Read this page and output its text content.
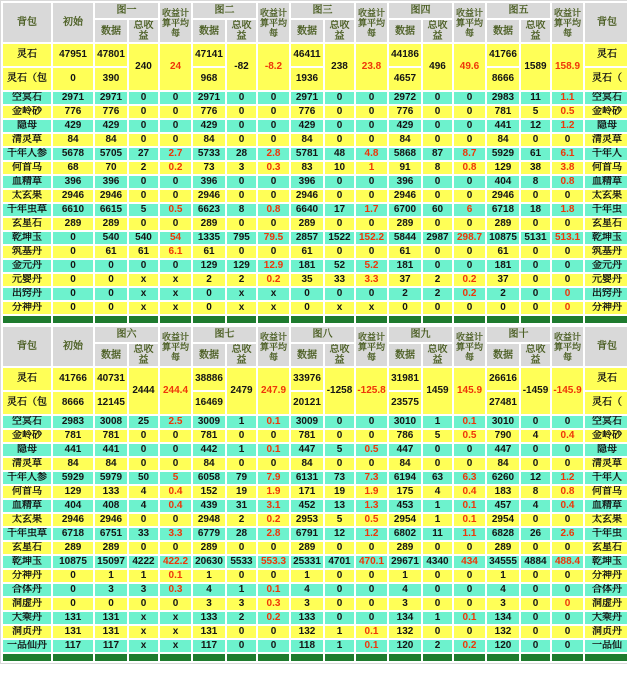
背包	初始	图一		收益计算平均每	图二		收益计算平均每	图三		收益计算平均每	图四		收益计算平均每	图五		收益计算平均每	背包
		数据	总收益		数据	总收益		数据	总收益		数据	总收益		数据	总收益		
灵石	47951	47801	240	24	47141	-82	-8.2	46411	238	23.8	44186	496	49.6	41766	1589	158.9	灵石
灵石（包	0	390			968			1936			4657			8666			灵石（
空冥石	2971	2971	0	0	2971	0	0	2971	0	0	2972	0	0	2983	11	1.1	空冥石
金岭砂	776	776	0	0	776	0	0	776	0	0	776	0	0	781	5	0.5	金岭砂
隐母	429	429	0	0	429	0	0	429	0	0	429	0	0	441	12	1.2	隐母
清灵草	84	84	0	0	84	0	0	84	0	0	84	0	0	84	0	0	清灵草
千年人参	5678	5705	27	2.7	5733	28	2.8	5781	48	4.8	5868	87	8.7	5929	61	6.1	千年人
何首乌	68	70	2	0.2	73	3	0.3	83	10	1	91	8	0.8	129	38	3.8	何首乌
血精草	396	396	0	0	396	0	0	396	0	0	396	0	0	404	8	0.8	血精草
太玄果	2946	2946	0	0	2946	0	0	2946	0	0	2946	0	0	2946	0	0	太玄果
千年虫草	6610	6615	5	0.5	6623	8	0.8	6640	17	1.7	6700	60	6	6718	18	1.8	千年虫
玄星石	289	289	0	0	289	0	0	289	0	0	289	0	0	289	0	0	玄星石
乾坤玉	0	540	540	54	1335	795	79.5	2857	1522	152.2	5844	2987	298.7	10875	5131	513.1	乾坤玉
筑基丹	0	61	61	6.1	61	0	0	61	0	0	61	0	0	61	0	0	筑基丹
金元丹	0	0	0	0	129	129	12.9	181	52	5.2	181	0	0	181	0	0	金元丹
元婴丹	0	0	x	x	2	2	0.2	35	33	3.3	37	2	0.2	37	0	0	元婴丹
出窍丹	0	0	x	x	0	x	x	0	0	0	2	2	0.2	2	0	0	出窍丹
分神丹	0	0	x	x	0	x	x	0	x	x	0	0	0	0	0	0	分神丹

背包	初始	图六		收益计算平均每	图七		收益计算平均每	图八		收益计算平均每	图九		收益计算平均每	图十		收益计算平均每	背包
		数据	总收益		数据	总收益		数据	总收益		数据	总收益		数据	总收益		
灵石	41766	40731	2444	244.4	38886	2479	247.9	33976	-1258	-125.8	31981	1459	145.9	26616	-1459	-145.9	灵石
灵石（包	8666	12145			16469			20121			23575			27481			灵石（
空冥石	2983	3008	25	2.5	3009	1	0.1	3009	0	0	3010	1	0.1	3010	0	0	空冥石
金岭砂	781	781	0	0	781	0	0	781	0	0	786	5	0.5	790	4	0.4	金岭砂
隐母	441	441	0	0	442	1	0.1	447	5	0.5	447	0	0	447	0	0	隐母
清灵草	84	84	0	0	84	0	0	84	0	0	84	0	0	84	0	0	清灵草
千年人参	5929	5979	50	5	6058	79	7.9	6131	73	7.3	6194	63	6.3	6260	12	1.2	千年人
何首乌	129	133	4	0.4	152	19	1.9	171	19	1.9	175	4	0.4	183	8	0.8	何首乌
血精草	404	408	4	0.4	439	31	3.1	452	13	1.3	453	1	0.1	457	4	0.4	血精草
太玄果	2946	2946	0	0	2948	2	0.2	2953	5	0.5	2954	1	0.1	2954	0	0	太玄果
千年虫草	6718	6751	33	3.3	6779	28	2.8	6791	12	1.2	6802	11	1.1	6828	26	2.6	千年虫
玄星石	289	289	0	0	289	0	0	289	0	0	289	0	0	289	0	0	玄星石
乾坤玉	10875	15097	4222	422.2	20630	5533	553.3	25331	4701	470.1	29671	4340	434	34555	4884	488.4	乾坤玉
分神丹	0	1	1	0.1	1	0	0	1	0	0	1	0	0	1	0	0	分神丹
合体丹	0	3	3	0.3	4	1	0.1	4	0	0	4	0	0	4	0	0	合体丹
洞虚丹	0	0	0	0	3	3	0.3	3	0	0	3	0	0	3	0	0	洞虚丹
大乘丹	131	131	x	x	133	2	0.2	133	0	0	134	1	0.1	134	0	0	大乘丹
洞贞丹	131	131	x	x	131	0	0	132	1	0.1	132	0	0	132	0	0	洞贞丹
一品仙丹	117	117	x	x	117	0	0	118	1	0.1	120	2	0.2	120	0	0	一品仙
